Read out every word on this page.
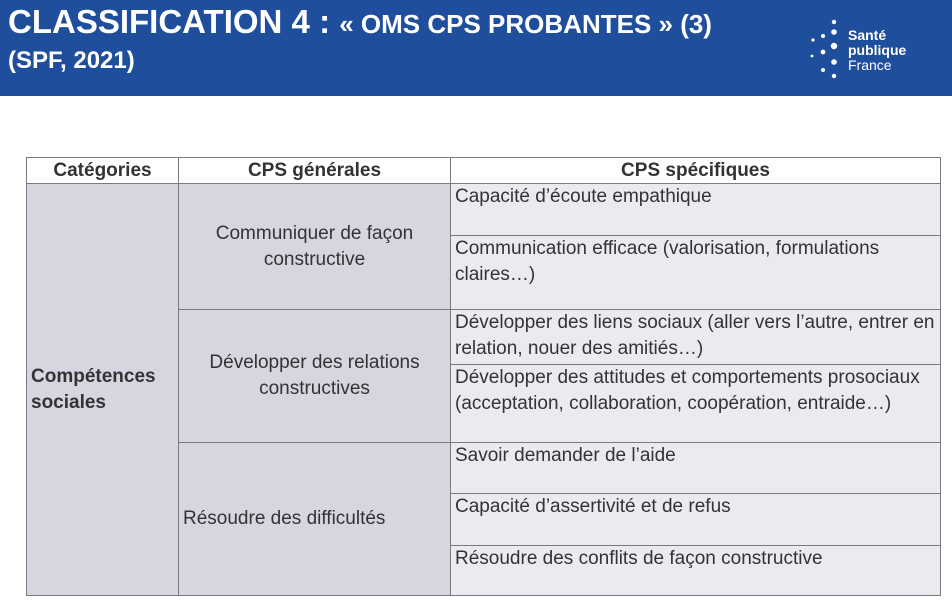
CLASSIFICATION 4 : « OMS CPS PROBANTES » (3)
(SPF, 2021)
Santé
publique
France
Catégories	CPS générales	CPS spécifiques
Compétences sociales	Communiquer de façon constructive	Capacité d’écoute empathique
		Communication efficace (valorisation, formulations claires…)
	Développer des relations constructives	Développer des liens sociaux (aller vers l’autre, entrer en relation, nouer des amitiés…)
		Développer des attitudes et comportements prosociaux (acceptation, collaboration, coopération, entraide…)
	Résoudre des difficultés	Savoir demander de l’aide
		Capacité d’assertivité et de refus
		Résoudre des conflits de façon constructive
